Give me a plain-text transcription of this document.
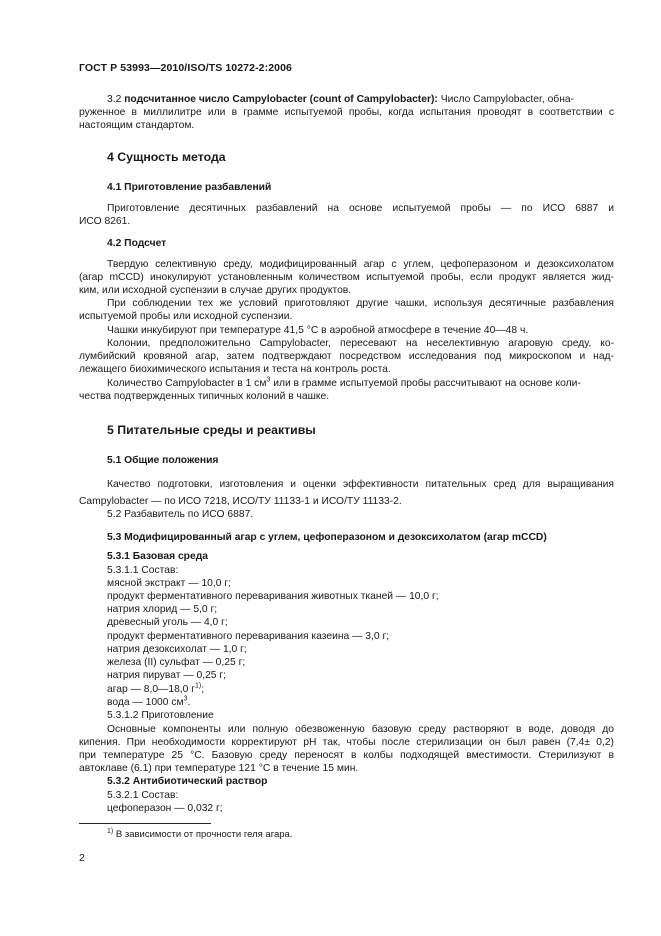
ГОСТ Р 53993—2010/ISO/TS 10272-2:2006
3.2 подсчитанное число Campylobacter (count of Campylobacter): Число Campylobacter, обна-
руженное в миллилитре или в грамме испытуемой пробы, когда испытания проводят в соответствии с
настоящим стандартом.
4 Сущность метода
4.1 Приготовление разбавлений
Приготовление десятичных разбавлений на основе испытуемой пробы — по ИСО 6887 и
ИСО 8261.
4.2 Подсчет
Твердую селективную среду, модифицированный агар с углем, цефоперазоном и дезоксихолатом
(агар mCCD) инокулируют установленным количеством испытуемой пробы, если продукт является жид-
ким, или исходной суспензии в случае других продуктов.
При соблюдении тех же условий приготовляют другие чашки, используя десятичные разбавления
испытуемой пробы или исходной суспензии.
Чашки инкубируют при температуре 41,5 °С в аэробной атмосфере в течение 40—48 ч.
Колонии, предположительно Campylobacter, пересевают на неселективную агаровую среду, ко-
лумбийский кровяной агар, затем подтверждают посредством исследования под микроскопом и над-
лежащего биохимического испытания и теста на контроль роста.
Количество Campylobacter в 1 $см^3$ или в грамме испытуемой пробы рассчитывают на основе коли-
чества подтвержденных типичных колоний в чашке.
5 Питательные среды и реактивы
5.1 Общие положения
Качество подготовки, изготовления и оценки эффективности питательных сред для выращивания
Campylobacter — по ИСО 7218, ИСО/ТУ 11133-1 и ИСО/ТУ 11133-2.
5.2 Разбавитель по ИСО 6887.
5.3 Модифицированный агар с углем, цефоперазоном и дезоксихолатом (агар mCCD)
5.3.1 Базовая среда
5.3.1.1 Состав:
мясной экстракт — 10,0 г;
продукт ферментативного переваривания животных тканей — 10,0 г;
натрия хлорид — 5,0 г;
древесный уголь — 4,0 г;
продукт ферментативного переваривания казеина — 3,0 г;
натрия дезоксихолат — 1,0 г;
железа (II) сульфат — 0,25 г;
натрия пируват — 0,25 г;
агар — 8,0—18,0 $г^{1)}$;
вода — 1000 $см^3$.
5.3.1.2 Приготовление
Основные компоненты или полную обезвоженную базовую среду растворяют в воде, доводя до
кипения. При необходимости корректируют рН так, чтобы после стерилизации он был равен (7,4± 0,2)
при температуре 25 °С. Базовую среду переносят в колбы подходящей вместимости. Стерилизуют в
автоклаве (6.1) при температуре 121 °С в течение 15 мин.
5.3.2 Антибиотический раствор
5.3.2.1 Состав:
цефоперазон — 0,032 г;
$^{1)}$ В зависимости от прочности геля агара.
2
